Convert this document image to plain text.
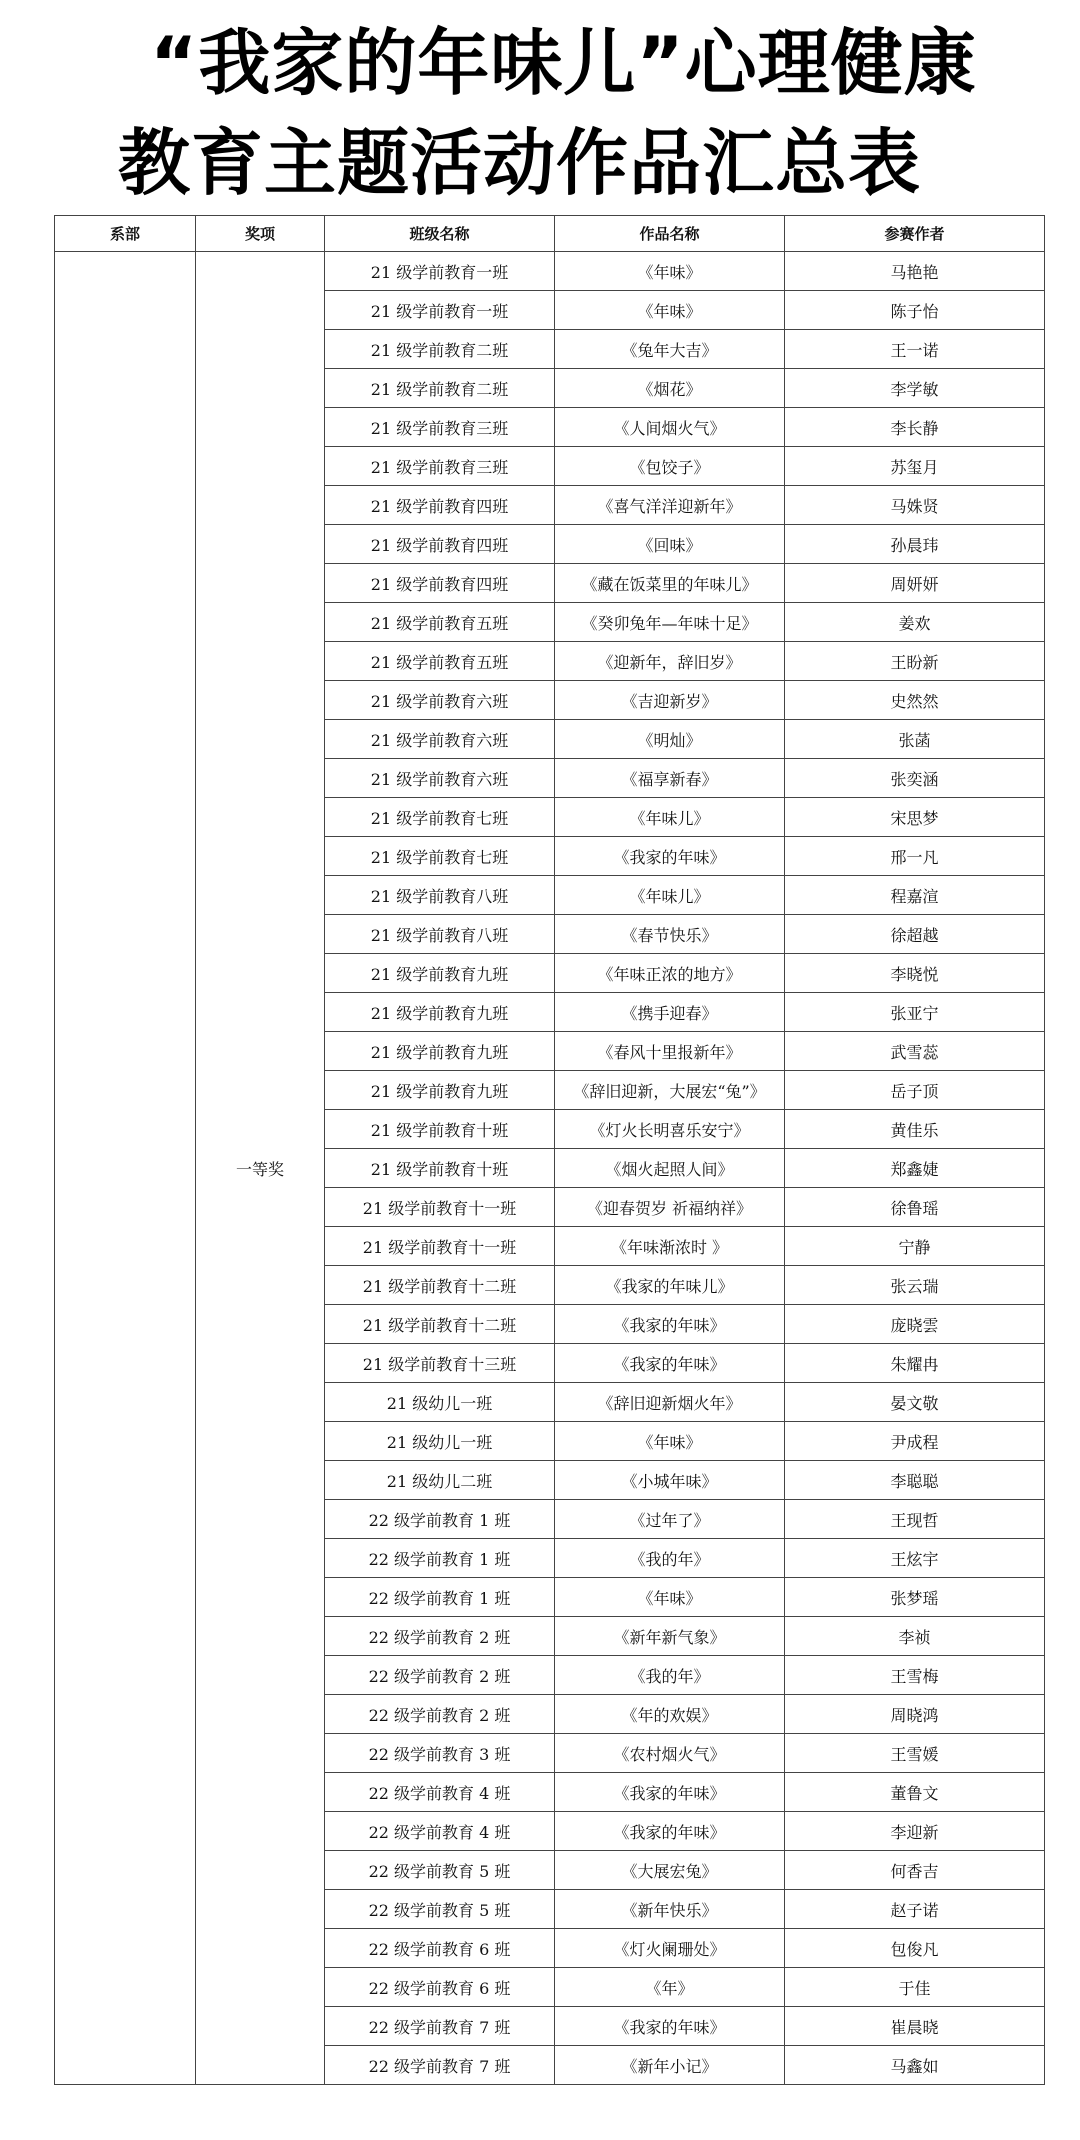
“我家的年味儿”心理健康
教育主题活动作品汇总表
系部	奖项	班级名称	作品名称	参赛作者
	一等奖	21 级学前教育一班	《年味》	马艳艳
		21 级学前教育一班	《年味》	陈子怡
		21 级学前教育二班	《兔年大吉》	王一诺
		21 级学前教育二班	《烟花》	李学敏
		21 级学前教育三班	《人间烟火气》	李长静
		21 级学前教育三班	《包饺子》	苏玺月
		21 级学前教育四班	《喜气洋洋迎新年》	马姝贤
		21 级学前教育四班	《回味》	孙晨玮
		21 级学前教育四班	《藏在饭菜里的年味儿》	周妍妍
		21 级学前教育五班	《癸卯兔年—年味十足》	姜欢
		21 级学前教育五班	《迎新年，辞旧岁》	王盼新
		21 级学前教育六班	《吉迎新岁》	史然然
		21 级学前教育六班	《明灿》	张菡
		21 级学前教育六班	《福享新春》	张奕涵
		21 级学前教育七班	《年味儿》	宋思梦
		21 级学前教育七班	《我家的年味》	邢一凡
		21 级学前教育八班	《年味儿》	程嘉渲
		21 级学前教育八班	《春节快乐》	徐超越
		21 级学前教育九班	《年味正浓的地方》	李晓悦
		21 级学前教育九班	《携手迎春》	张亚宁
		21 级学前教育九班	《春风十里报新年》	武雪蕊
		21 级学前教育九班	《辞旧迎新，大展宏“兔”》	岳子顶
		21 级学前教育十班	《灯火长明喜乐安宁》	黄佳乐
		21 级学前教育十班	《烟火起照人间》	郑鑫婕
		21 级学前教育十一班	《迎春贺岁 祈福纳祥》	徐鲁瑶
		21 级学前教育十一班	《年味渐浓时 》	宁静
		21 级学前教育十二班	《我家的年味儿》	张云瑞
		21 级学前教育十二班	《我家的年味》	庞晓雲
		21 级学前教育十三班	《我家的年味》	朱耀冉
		21 级幼儿一班	《辞旧迎新烟火年》	晏文敬
		21 级幼儿一班	《年味》	尹成程
		21 级幼儿二班	《小城年味》	李聪聪
		22 级学前教育 1 班	《过年了》	王现哲
		22 级学前教育 1 班	《我的年》	王炫宇
		22 级学前教育 1 班	《年味》	张梦瑶
		22 级学前教育 2 班	《新年新气象》	李祯
		22 级学前教育 2 班	《我的年》	王雪梅
		22 级学前教育 2 班	《年的欢娱》	周晓鸿
		22 级学前教育 3 班	《农村烟火气》	王雪媛
		22 级学前教育 4 班	《我家的年味》	董鲁文
		22 级学前教育 4 班	《我家的年味》	李迎新
		22 级学前教育 5 班	《大展宏兔》	何香吉
		22 级学前教育 5 班	《新年快乐》	赵子诺
		22 级学前教育 6 班	《灯火阑珊处》	包俊凡
		22 级学前教育 6 班	《年》	于佳
		22 级学前教育 7 班	《我家的年味》	崔晨晓
		22 级学前教育 7 班	《新年小记》	马鑫如
